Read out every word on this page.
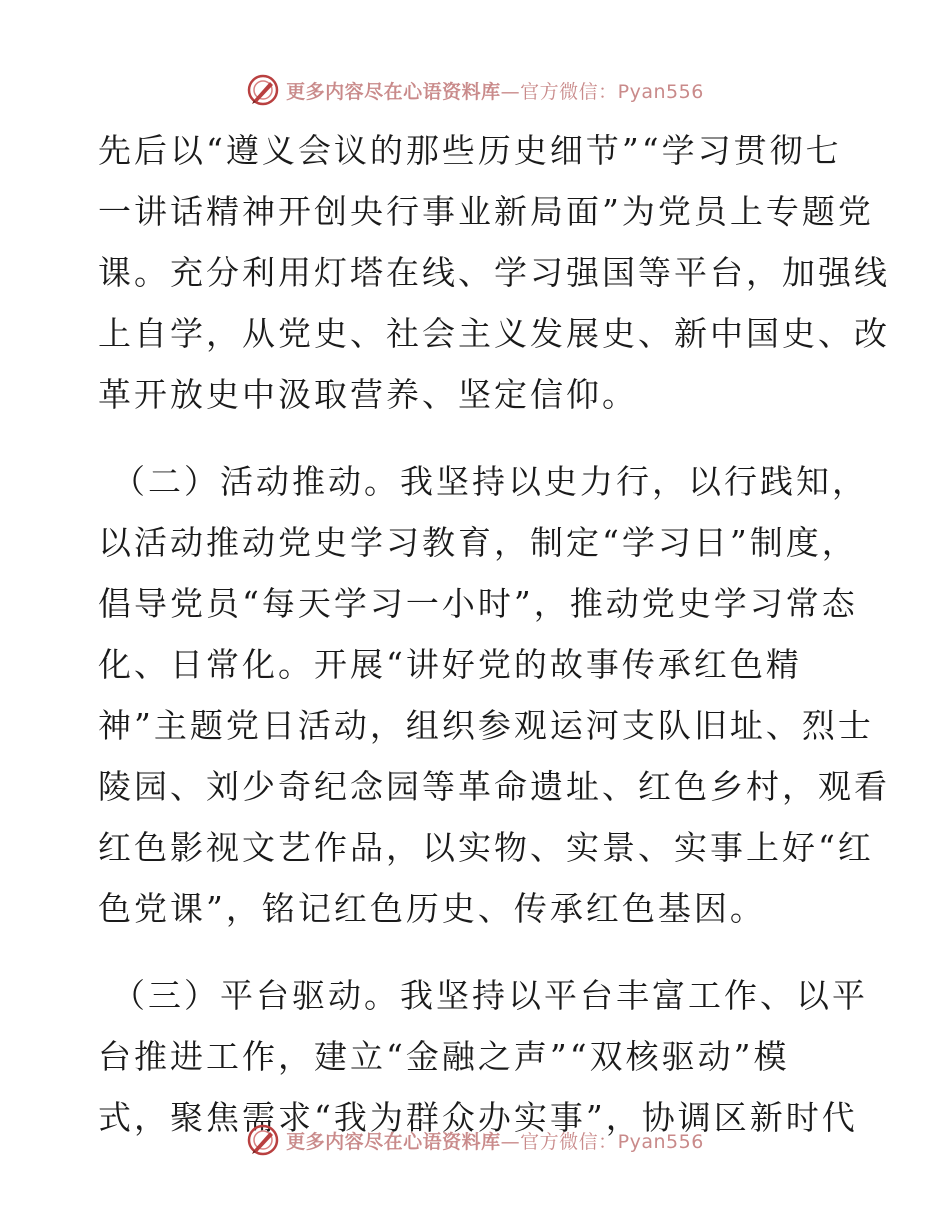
更多内容尽在心语资料库—官方微信：Pyan556
先后以“遵义会议的那些历史细节”“学习贯彻七
一讲话精神开创央行事业新局面”为党员上专题党
课。充分利用灯塔在线、学习强国等平台，加强线
上自学，从党史、社会主义发展史、新中国史、改
革开放史中汲取营养、坚定信仰。
（二）活动推动。我坚持以史力行，以行践知，
以活动推动党史学习教育，制定“学习日”制度，
倡导党员“每天学习一小时”，推动党史学习常态
化、日常化。开展“讲好党的故事传承红色精
神”主题党日活动，组织参观运河支队旧址、烈士
陵园、刘少奇纪念园等革命遗址、红色乡村，观看
红色影视文艺作品，以实物、实景、实事上好“红
色党课”，铭记红色历史、传承红色基因。
（三）平台驱动。我坚持以平台丰富工作、以平
台推进工作，建立“金融之声”“双核驱动”模
式，聚焦需求“我为群众办实事”，协调区新时代
更多内容尽在心语资料库—官方微信：Pyan556
